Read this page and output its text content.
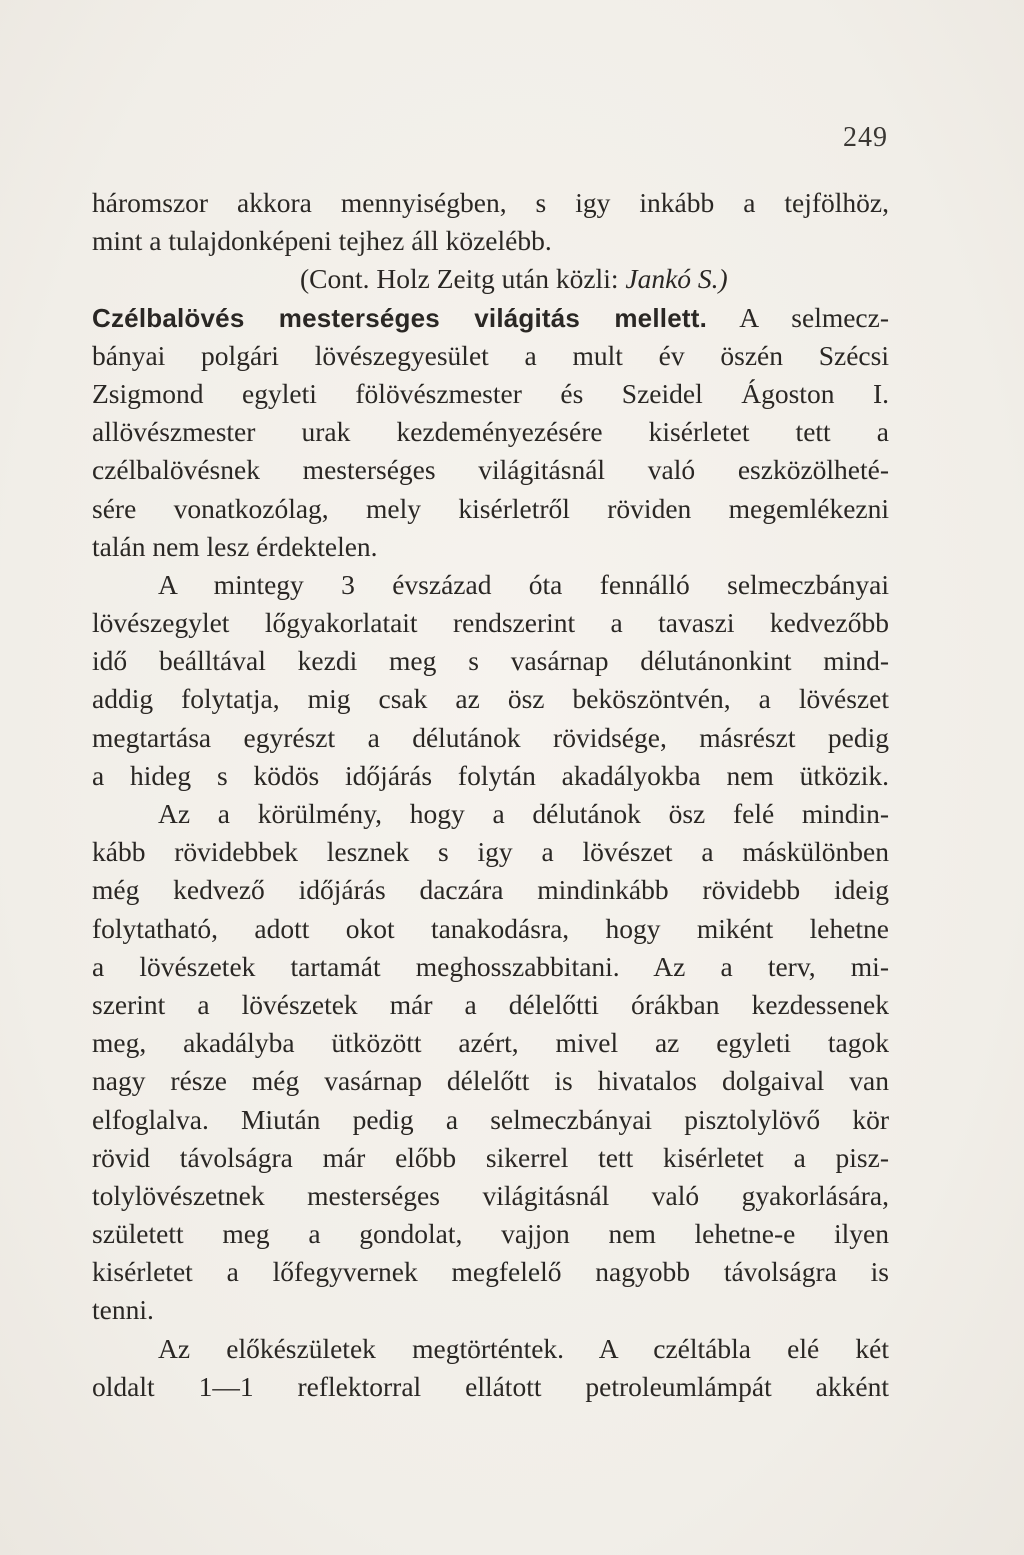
249
háromszor akkora mennyiségben, s igy inkább a tejfölhöz,
mint a tulajdonképeni tejhez áll közelébb.
(Cont. Holz Zeitg után közli: Jankó S.)
Czélbalövés mesterséges világitás mellett. A selmecz-
bányai polgári lövészegyesület a mult év öszén Szécsi
Zsigmond egyleti fölövészmester és Szeidel Ágoston I.
allövészmester urak kezdeményezésére kisérletet tett a
czélbalövésnek mesterséges világitásnál való eszközölheté-
sére vonatkozólag, mely kisérletről röviden megemlékezni
talán nem lesz érdektelen.
A mintegy 3 évszázad óta fennálló selmeczbányai
lövészegylet lőgyakorlatait rendszerint a tavaszi kedvezőbb
idő beálltával kezdi meg s vasárnap délutánonkint mind-
addig folytatja, mig csak az ösz beköszöntvén, a lövészet
megtartása egyrészt a délutánok rövidsége, másrészt pedig
a hideg s ködös időjárás folytán akadályokba nem ütközik.
Az a körülmény, hogy a délutánok ösz felé mindin-
kább rövidebbek lesznek s igy a lövészet a máskülönben
még kedvező időjárás daczára mindinkább rövidebb ideig
folytatható, adott okot tanakodásra, hogy miként lehetne
a lövészetek tartamát meghosszabbitani. Az a terv, mi-
szerint a lövészetek már a délelőtti órákban kezdessenek
meg, akadályba ütközött azért, mivel az egyleti tagok
nagy része még vasárnap délelőtt is hivatalos dolgaival van
elfoglalva. Miután pedig a selmeczbányai pisztolylövő kör
rövid távolságra már előbb sikerrel tett kisérletet a pisz-
tolylövészetnek mesterséges világitásnál való gyakorlására,
született meg a gondolat, vajjon nem lehetne-e ilyen
kisérletet a lőfegyvernek megfelelő nagyobb távolságra is
tenni.
Az előkészületek megtörténtek. A czéltábla elé két
oldalt 1—1 reflektorral ellátott petroleumlámpát akként
